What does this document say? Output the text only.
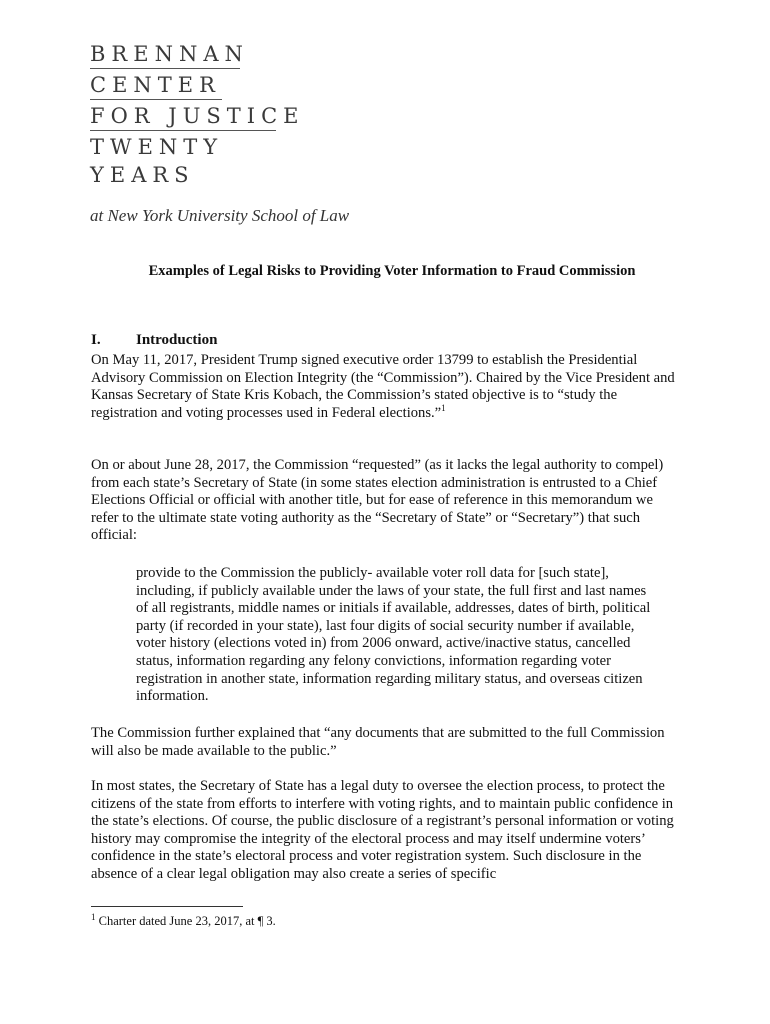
BRENNAN
CENTER
FOR JUSTICE
TWENTY
YEARS
at New York University School of Law
Examples of Legal Risks to Providing Voter Information to Fraud Commission
I. Introduction
On May 11, 2017, President Trump signed executive order 13799 to establish the Presidential Advisory Commission on Election Integrity (the “Commission”). Chaired by the Vice President and Kansas Secretary of State Kris Kobach, the Commission’s stated objective is to “study the registration and voting processes used in Federal elections.”$^1$
On or about June 28, 2017, the Commission “requested” (as it lacks the legal authority to compel) from each state’s Secretary of State (in some states election administration is entrusted to a Chief Elections Official or official with another title, but for ease of reference in this memorandum we refer to the ultimate state voting authority as the “Secretary of State” or “Secretary”) that such official:
provide to the Commission the publicly- available voter roll data for [such state], including, if publicly available under the laws of your state, the full first and last names of all registrants, middle names or initials if available, addresses, dates of birth, political party (if recorded in your state), last four digits of social security number if available, voter history (elections voted in) from 2006 onward, active/inactive status, cancelled status, information regarding any felony convictions, information regarding voter registration in another state, information regarding military status, and overseas citizen information.
The Commission further explained that “any documents that are submitted to the full Commission will also be made available to the public.”
In most states, the Secretary of State has a legal duty to oversee the election process, to protect the citizens of the state from efforts to interfere with voting rights, and to maintain public confidence in the state’s elections. Of course, the public disclosure of a registrant’s personal information or voting history may compromise the integrity of the electoral process and may itself undermine voters’ confidence in the state’s electoral process and voter registration system. Such disclosure in the absence of a clear legal obligation may also create a series of specific
$^1$ Charter dated June 23, 2017, at ¶ 3.
